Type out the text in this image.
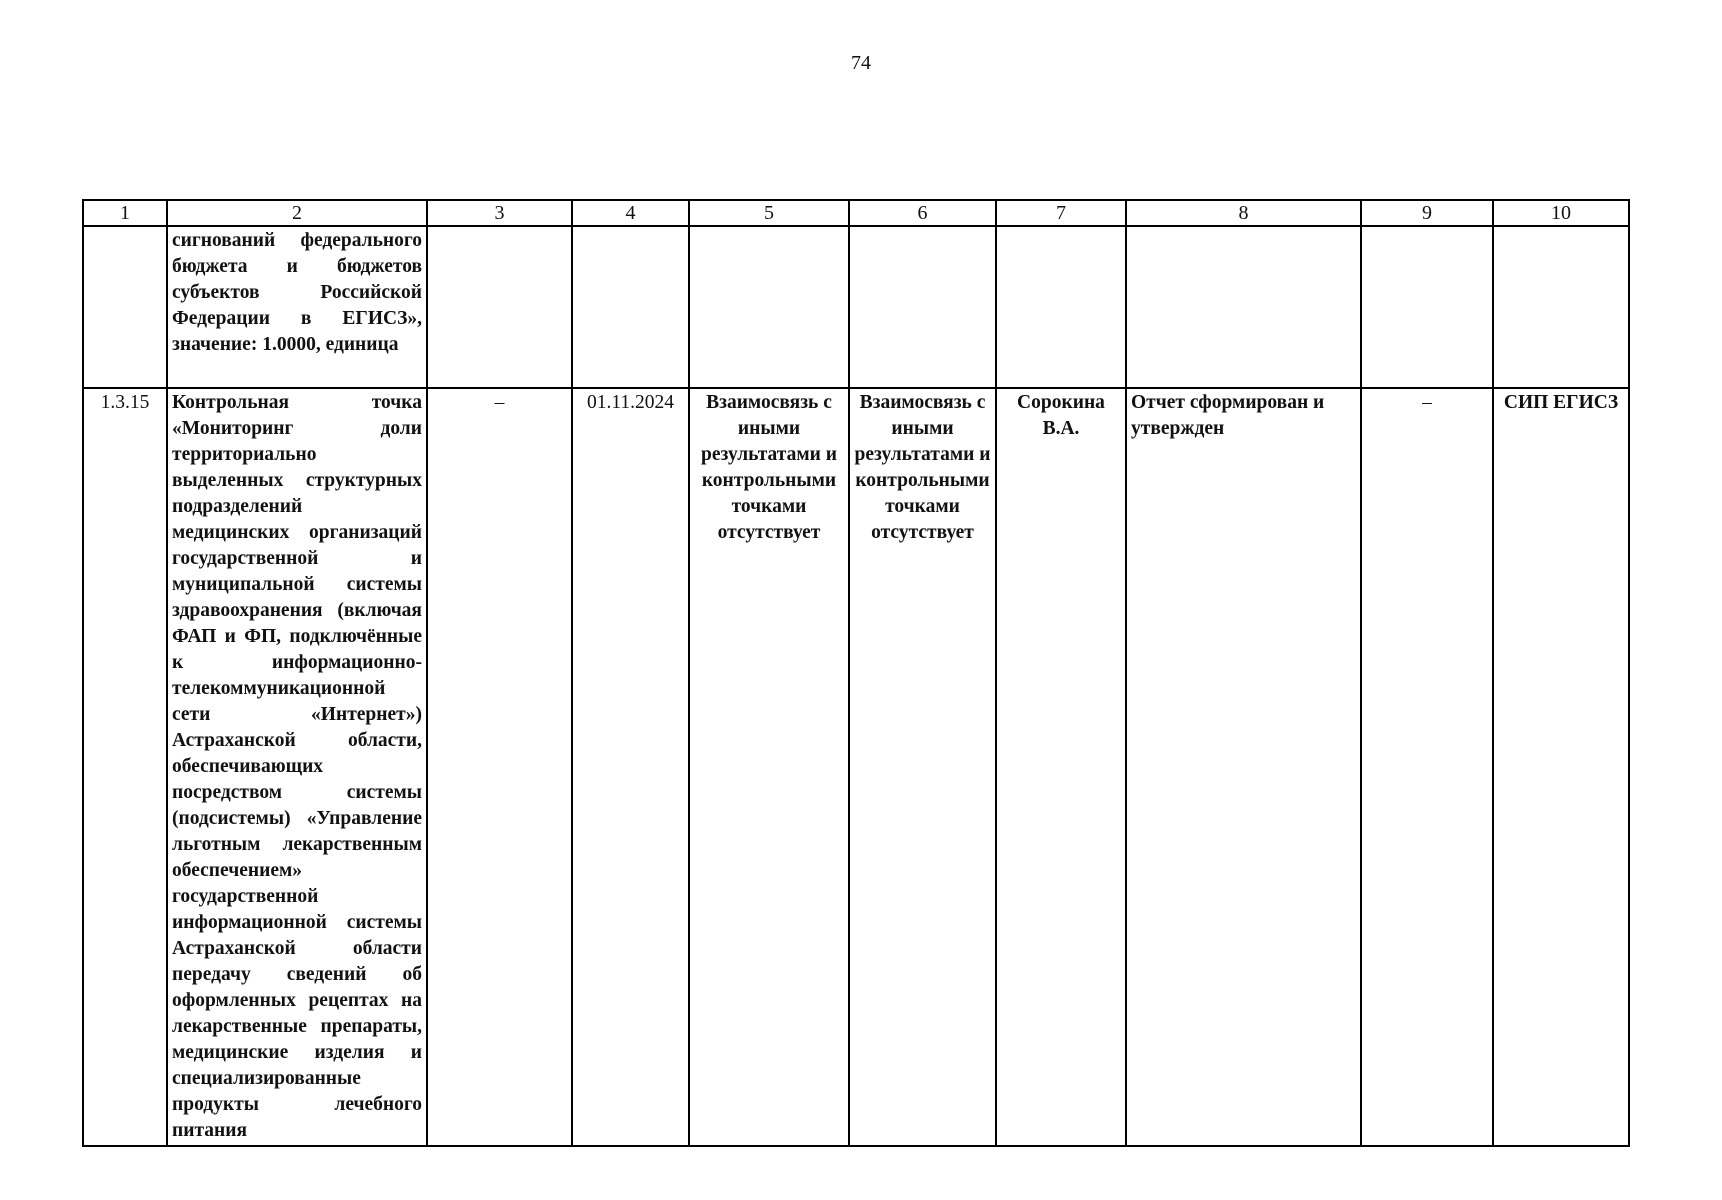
74
1	2	3	4	5	6	7	8	9	10
	сигнований федерального бюджета и бюджетов субъектов Российской Федерации в ЕГИСЗ», значение: 1.0000, единица								
1.3.15	Контрольная точка «Мониторинг доли территориально выделенных структурных подразделений медицинских организаций государственной и муниципальной системы здравоохранения (включая ФАП и ФП, подключённые к информационно-телекоммуникационной сети «Интернет») Астраханской области, обеспечивающих посредством системы (подсистемы) «Управление льготным лекарственным обеспечением» государственной информационной системы Астраханской области передачу сведений об оформленных рецептах на лекарственные препараты, медицинские изделия и специализированные продукты лечебного питания	–	01.11.2024	Взаимосвязь с иными результатами и контрольными точками отсутствует	Взаимосвязь с иными результатами и контрольными точками отсутствует	Сорокина В.А.	Отчет сформирован и утвержден	–	СИП ЕГИСЗ
